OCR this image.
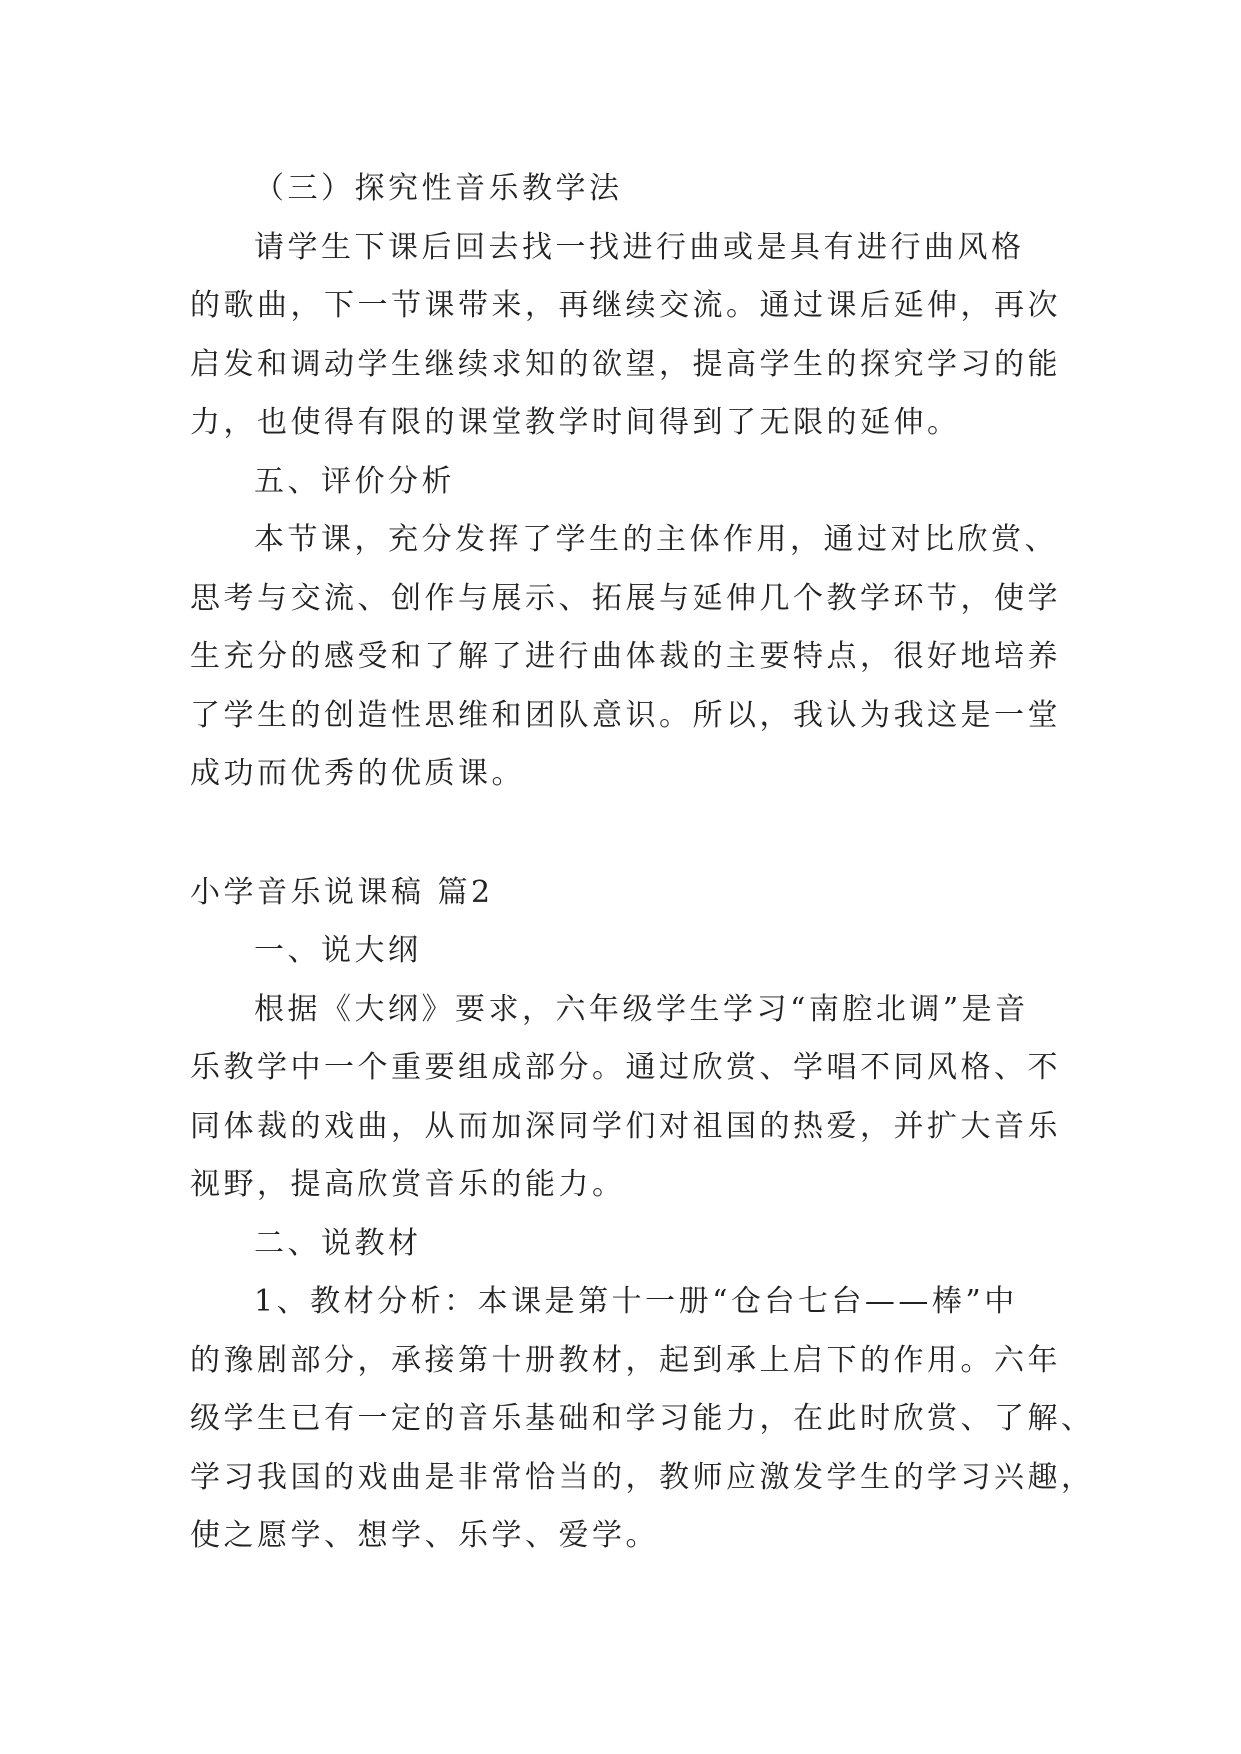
（三）探究性音乐教学法

请学生下课后回去找一找进行曲或是具有进行曲风格

的歌曲，下一节课带来，再继续交流。通过课后延伸，再次

启发和调动学生继续求知的欲望，提高学生的探究学习的能

力，也使得有限的课堂教学时间得到了无限的延伸。

五、评价分析

本节课，充分发挥了学生的主体作用，通过对比欣赏、

思考与交流、创作与展示、拓展与延伸几个教学环节，使学

生充分的感受和了解了进行曲体裁的主要特点，很好地培养

了学生的创造性思维和团队意识。所以，我认为我这是一堂

成功而优秀的优质课。

小学音乐说课稿 篇2

一、说大纲

根据《大纲》要求，六年级学生学习“南腔北调”是音

乐教学中一个重要组成部分。通过欣赏、学唱不同风格、不

同体裁的戏曲，从而加深同学们对祖国的热爱，并扩大音乐

视野，提高欣赏音乐的能力。

二、说教材

1、教材分析：本课是第十一册“仓台七台——棒”中

的豫剧部分，承接第十册教材，起到承上启下的作用。六年

级学生已有一定的音乐基础和学习能力，在此时欣赏、了解、

学习我国的戏曲是非常恰当的，教师应激发学生的学习兴趣，

使之愿学、想学、乐学、爱学。
